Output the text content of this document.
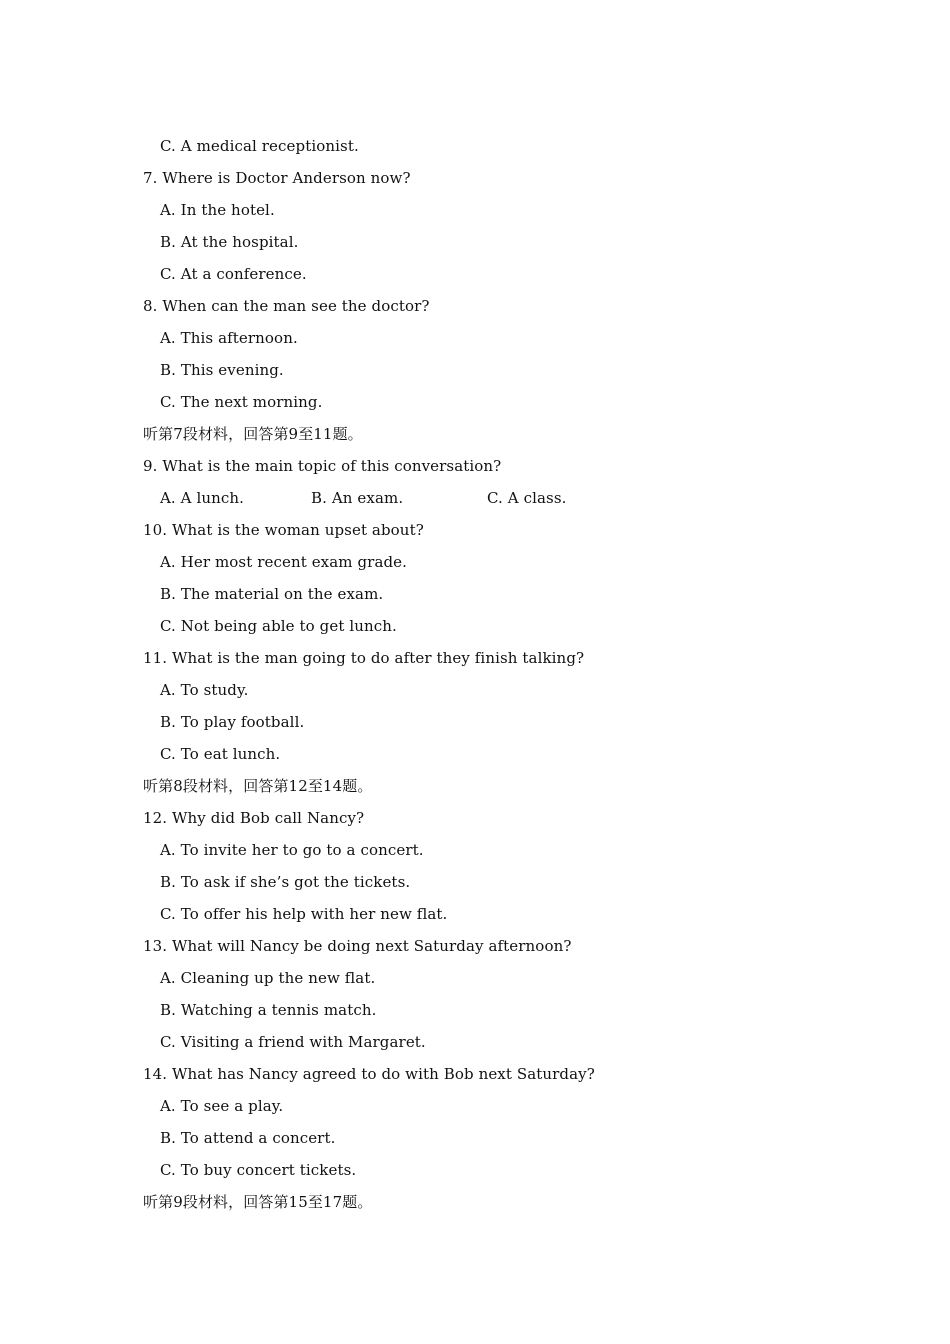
C. A medical receptionist.
7. Where is Doctor Anderson now?
A. In the hotel.
B. At the hospital.
C. At a conference.
8. When can the man see the doctor?
A. This afternoon.
B. This evening.
C. The next morning.
听第7段材料，回答第9至11题。
9. What is the main topic of this conversation?
A. A lunch.	B. An exam.	C. A class.
10. What is the woman upset about?
A. Her most recent exam grade.
B. The material on the exam.
C. Not being able to get lunch.
11. What is the man going to do after they finish talking?
A. To study.
B. To play football.
C. To eat lunch.
听第8段材料，回答第12至14题。
12. Why did Bob call Nancy?
A. To invite her to go to a concert.
B. To ask if she’s got the tickets.
C. To offer his help with her new flat.
13. What will Nancy be doing next Saturday afternoon?
A. Cleaning up the new flat.
B. Watching a tennis match.
C. Visiting a friend with Margaret.
14. What has Nancy agreed to do with Bob next Saturday?
A. To see a play.
B. To attend a concert.
C. To buy concert tickets.
听第9段材料，回答第15至17题。
